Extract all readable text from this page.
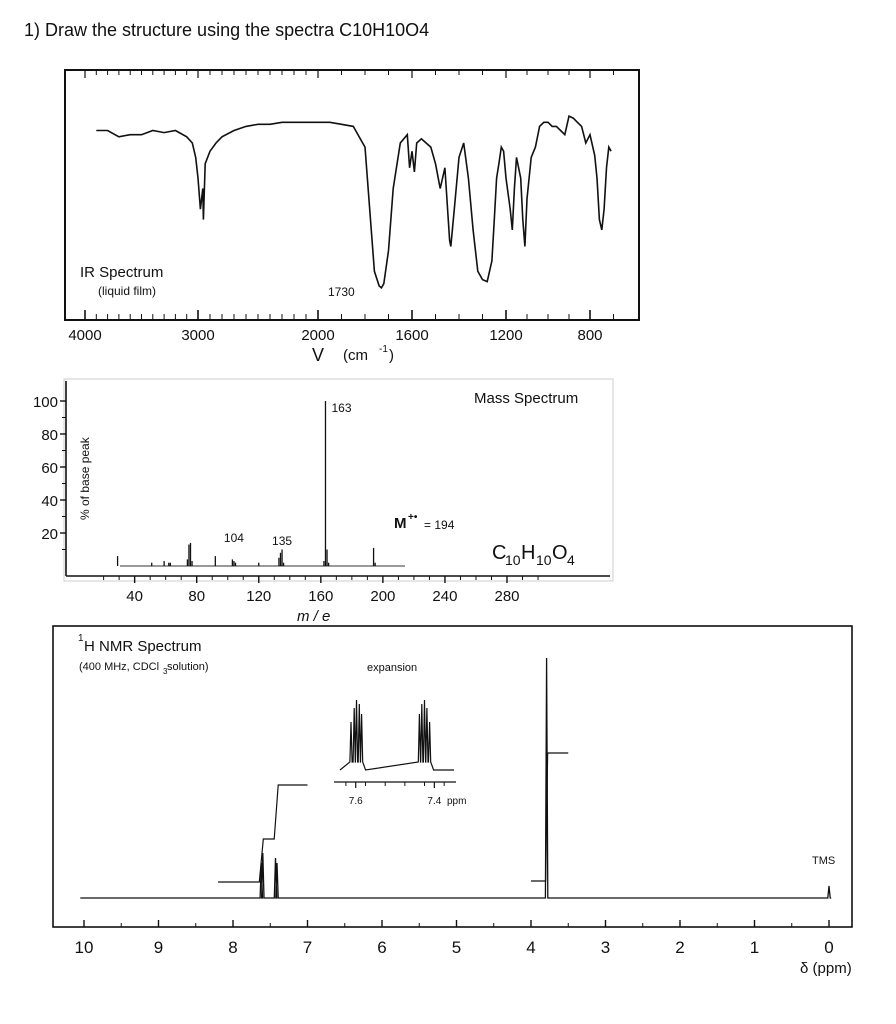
1) Draw the structure using the spectra C10H10O4
4000	3000	2000	1600	1200	800
IR Spectrum
(liquid film)	1730
V (cm -1 )
40	80	120 160 200 240 280
20
40
60
80
100
104 135
163
Mass Spectrum
% of base peak
m / e
M +•
= 194
C
10 H 10 O 4
10	9	8	7	6	5	4	3	2	1	0
1 H NMR Spectrum
(400 MHz, CDCl 3 solution)
TMS
δ (ppm)
expansion
7.6	7.4 ppm
